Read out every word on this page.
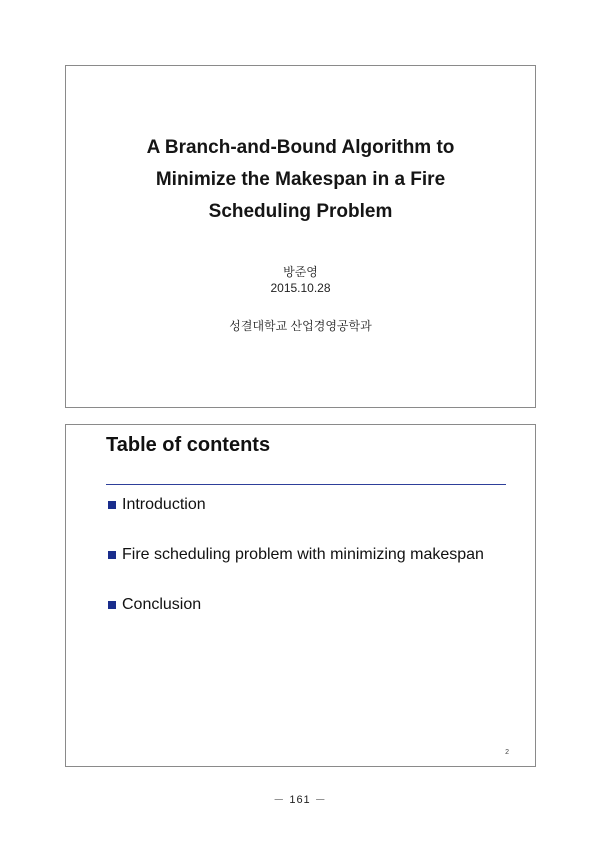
A Branch-and-Bound Algorithm to
Minimize the Makespan in a Fire
Scheduling Problem
방준영
2015.10.28
성결대학교 산업경영공학과
Table of contents
Introduction
Fire scheduling problem with minimizing makespan
Conclusion
2
－ 161 －
